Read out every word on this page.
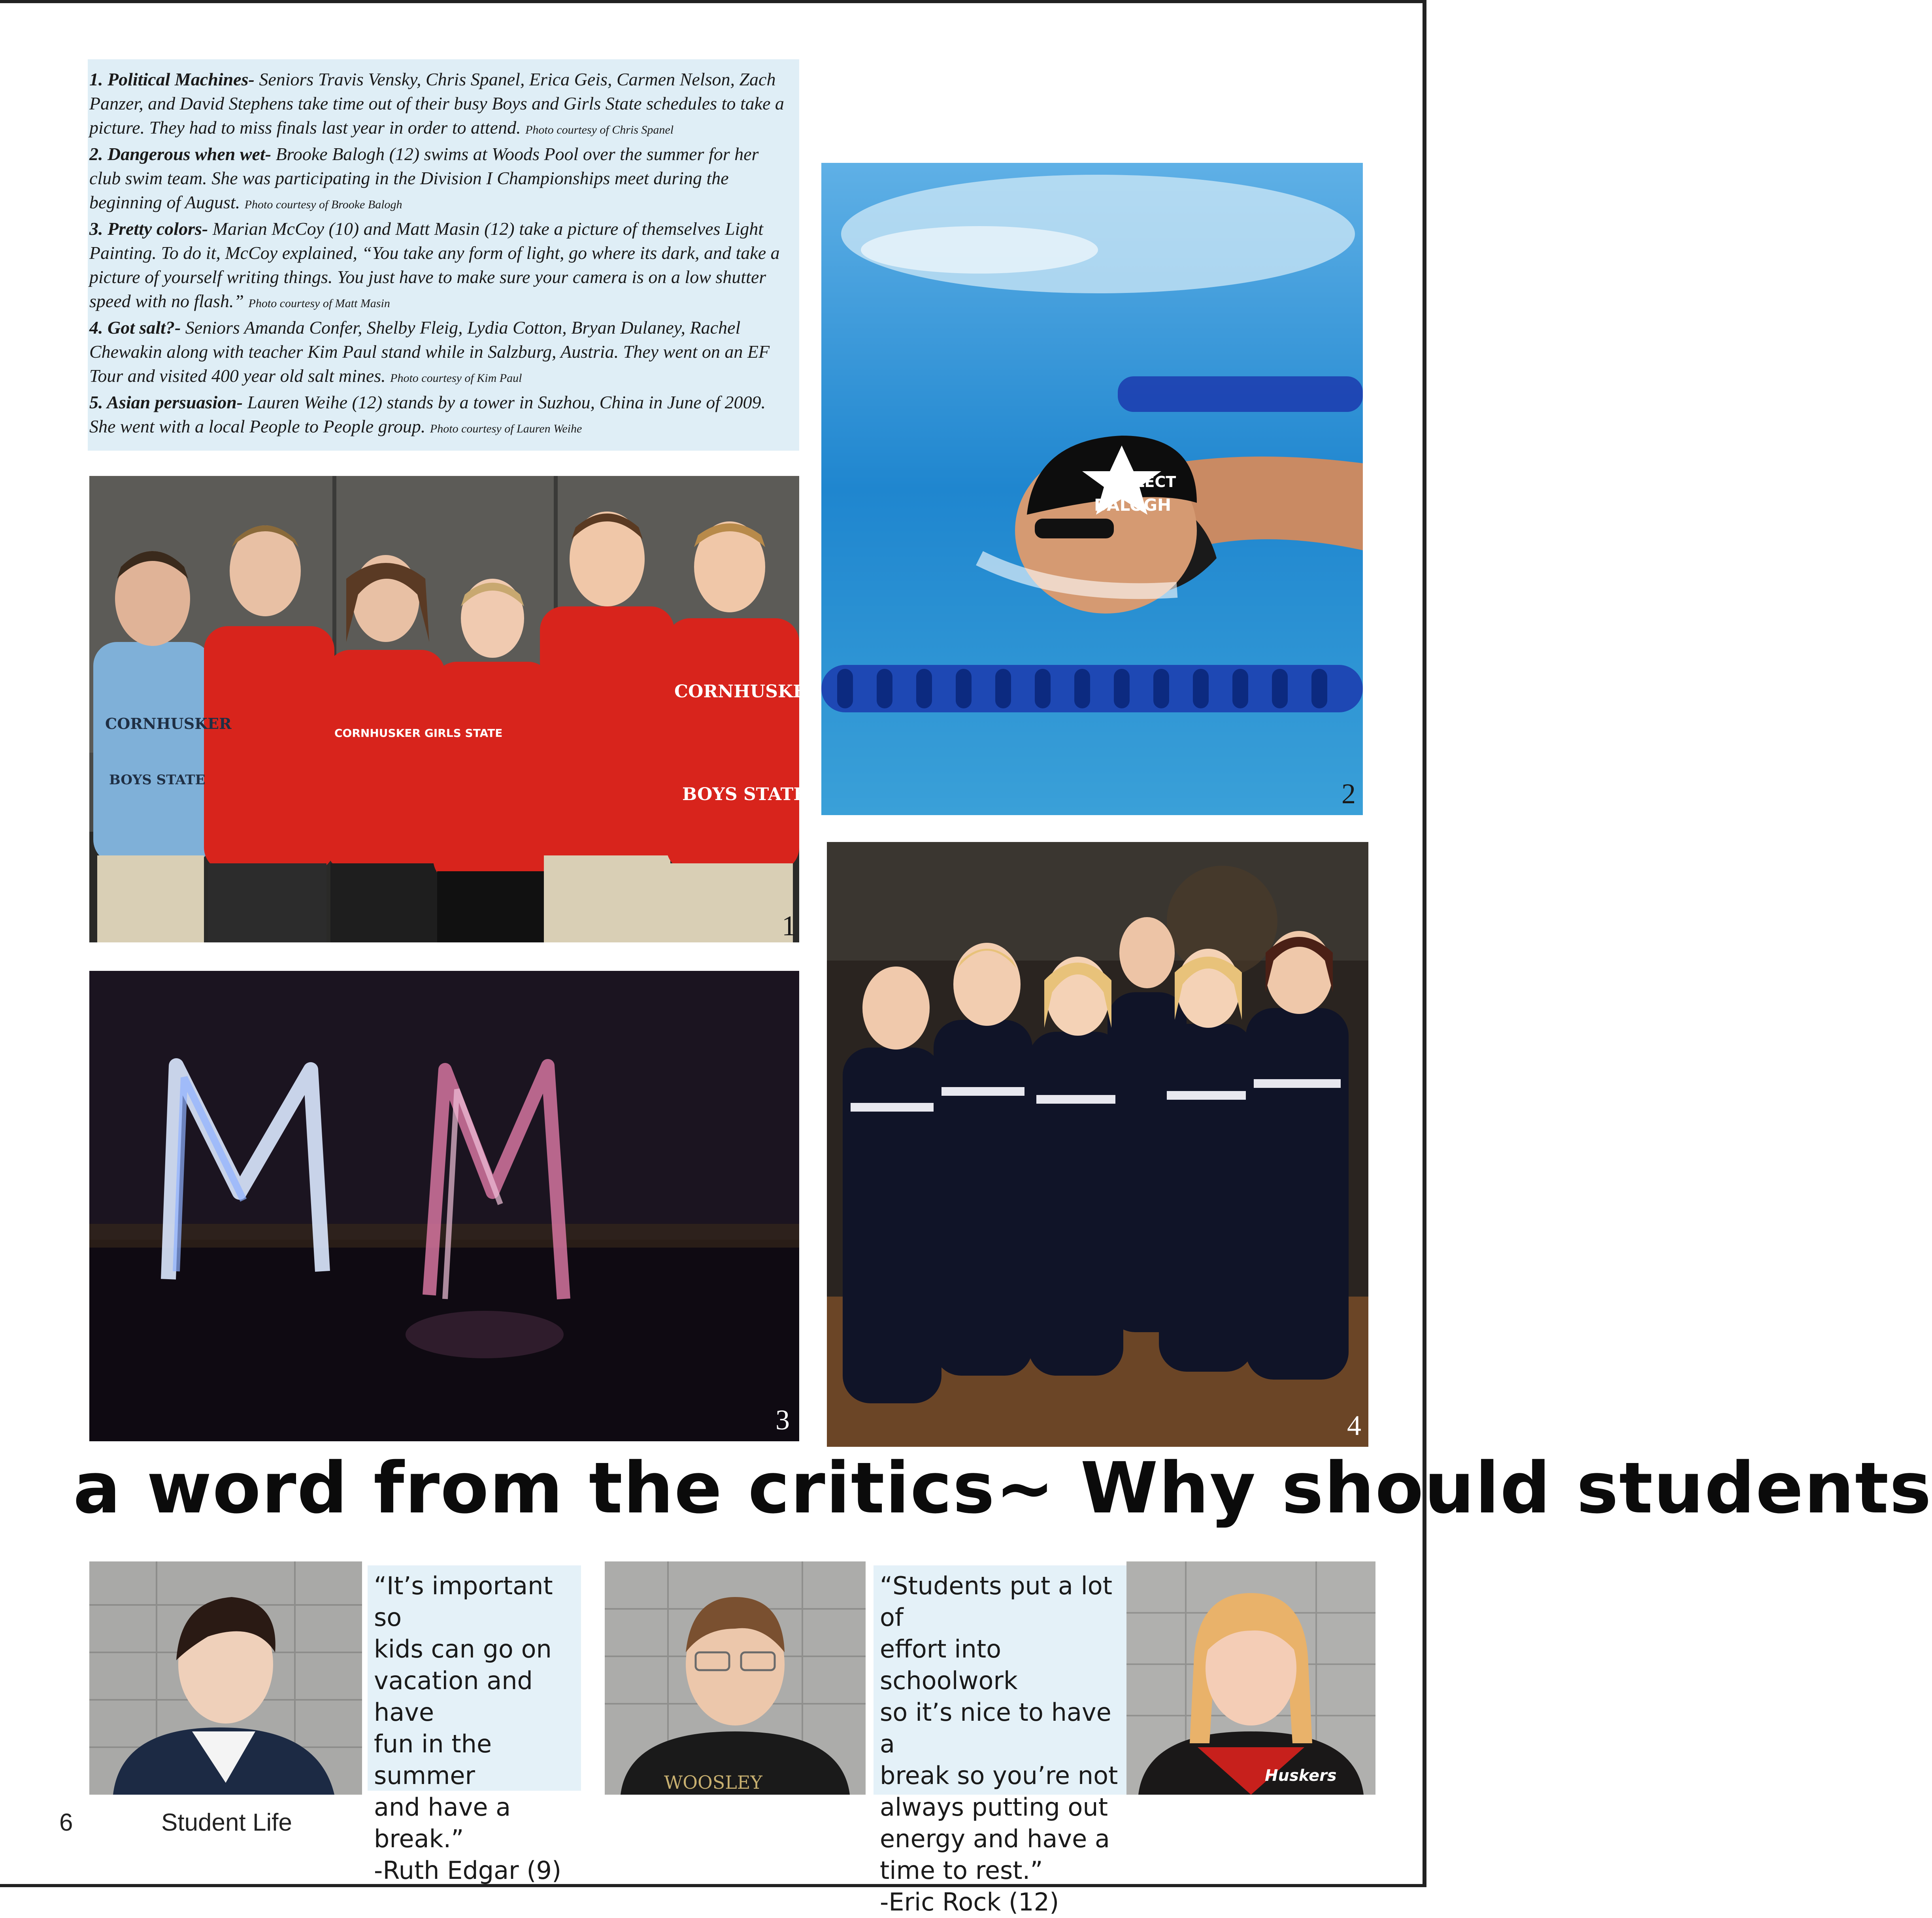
1. Political Machines- Seniors Travis Vensky, Chris Spanel, Erica Geis, Carmen Nelson, Zach Panzer, and David Stephens take time out of their busy Boys and Girls State schedules to take a picture. They had to miss finals last year in order to attend. Photo courtesy of Chris Spanel
2. Dangerous when wet- Brooke Balogh (12) swims at Woods Pool over the summer for her club swim team. She was participating in the Division I Championships meet during the beginning of August. Photo courtesy of Brooke Balogh
3. Pretty colors- Marian McCoy (10) and Matt Masin (12) take a picture of themselves Light Painting. To do it, McCoy explained, “You take any form of light, go where its dark, and take a picture of yourself writing things. You just have to make sure your camera is on a low shutter speed with no flash.” Photo courtesy of Matt Masin
4. Got salt?- Seniors Amanda Confer, Shelby Fleig, Lydia Cotton, Bryan Dulaney, Rachel Chewakin along with teacher Kim Paul stand while in Salzburg, Austria. They went on an EF Tour and visited 400 year old salt mines. Photo courtesy of Kim Paul
5. Asian persuasion- Lauren Weihe (12) stands by a tower in Suzhou, China in June of 2009. She went with a local People to People group. Photo courtesy of Lauren Weihe
SELECT
BALOGH
2
CORNHUSKER
BOYS STATE
CORNHUSKER GIRLS STATE
CORNHUSKER
BOYS STATE
1
4
3
a word from the critics~ Why should students
“It’s important so
kids can go on
vacation and have
fun in the summer
and have a break.”
-Ruth Edgar (9)
WOOSLEY
“Students put a lot of
effort into schoolwork
so it’s nice to have a
break so you’re not
always putting out
energy and have a
time to rest.”
-Eric Rock (12)
Huskers
6	Student Life
